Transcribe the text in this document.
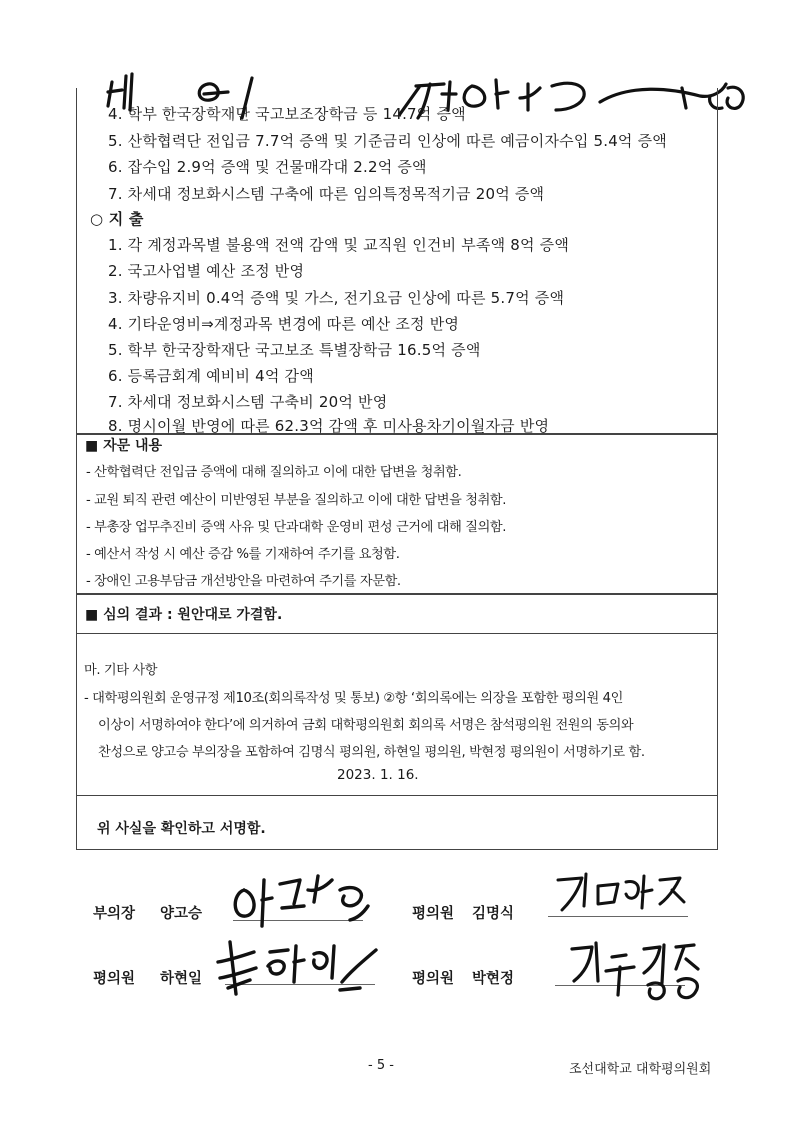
4. 학부 한국장학재단 국고보조장학금 등 14.7억 증액
5. 산학협력단 전입금 7.7억 증액 및 기준금리 인상에 따른 예금이자수입 5.4억 증액
6. 잡수입 2.9억 증액 및 건물매각대 2.2억 증액
7. 차세대 정보화시스템 구축에 따른 임의특정목적기금 20억 증액
○ 지 출
1. 각 계정과목별 불용액 전액 감액 및 교직원 인건비 부족액 8억 증액
2. 국고사업별 예산 조정 반영
3. 차량유지비 0.4억 증액 및 가스, 전기요금 인상에 따른 5.7억 증액
4. 기타운영비⇒계정과목 변경에 따른 예산 조정 반영
5. 학부 한국장학재단 국고보조 특별장학금 16.5억 증액
6. 등록금회계 예비비 4억 감액
7. 차세대 정보화시스템 구축비 20억 반영
8. 명시이월 반영에 따른 62.3억 감액 후 미사용차기이월자금 반영
■ 자문 내용
- 산학협력단 전입금 증액에 대해 질의하고 이에 대한 답변을 청취함.
- 교원 퇴직 관련 예산이 미반영된 부분을 질의하고 이에 대한 답변을 청취함.
- 부총장 업무추진비 증액 사유 및 단과대학 운영비 편성 근거에 대해 질의함.
- 예산서 작성 시 예산 증감 %를 기재하여 주기를 요청함.
- 장애인 고용부담금 개선방안을 마련하여 주기를 자문함.
■ 심의 결과 : 원안대로 가결함.
마. 기타 사항
- 대학평의원회 운영규정 제10조(회의록작성 및 통보) ②항 ‘회의록에는 의장을 포함한 평의원 4인
이상이 서명하여야 한다’에 의거하여 금회 대학평의원회 회의록 서명은 참석평의원 전원의 동의와
찬성으로 양고승 부의장을 포함하여 김명식 평의원, 하현일 평의원, 박현정 평의원이 서명하기로 함.
2023. 1. 16.
위 사실을 확인하고 서명함.
부의장 양고승	평의원 김명식
평의원 하현일	평의원 박현정
- 5 -	조선대학교 대학평의원회
